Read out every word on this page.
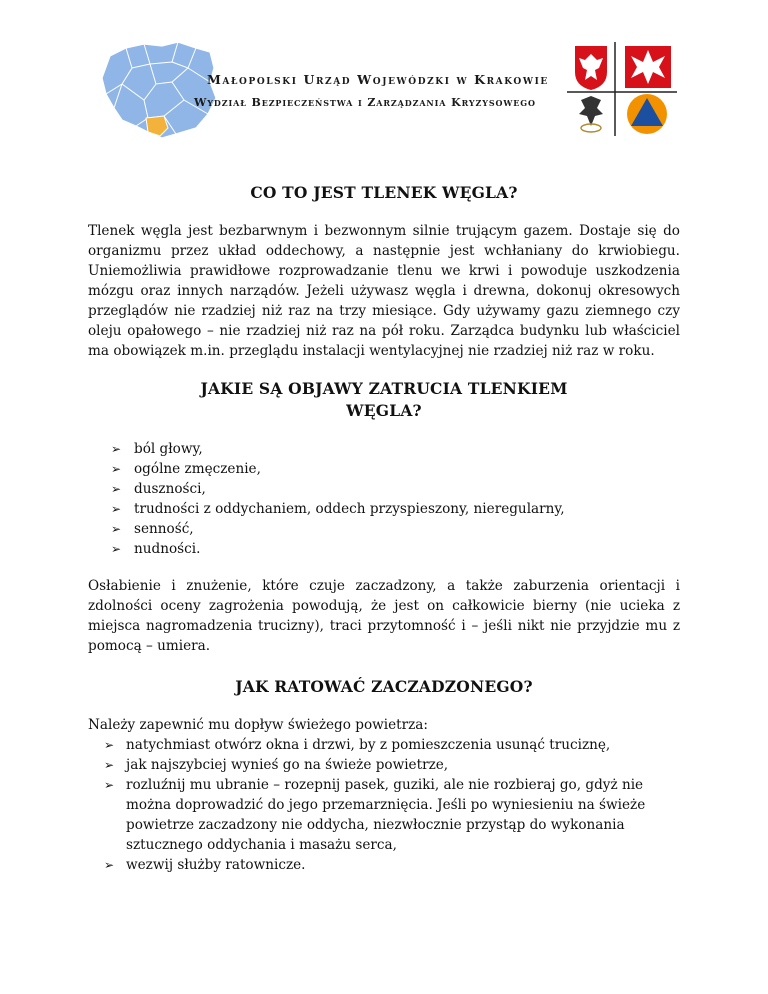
Małopolski Urząd Wojewódzki w Krakowie
Wydział Bezpieczeństwa i Zarządzania Kryzysowego
CO TO JEST TLENEK WĘGLA?

Tlenek węgla jest bezbarwnym i bezwonnym silnie trującym gazem. Dostaje się do organizmu przez układ oddechowy, a następnie jest wchłaniany do krwiobiegu. Uniemożliwia prawidłowe rozprowadzanie tlenu we krwi i powoduje uszkodzenia mózgu oraz innych narządów. Jeżeli używasz węgla i drewna, dokonuj okresowych przeglądów nie rzadziej niż raz na trzy miesiące. Gdy używamy gazu ziemnego czy oleju opałowego – nie rzadziej niż raz na pół roku. Zarządca budynku lub właściciel ma obowiązek m.in. przeglądu instalacji wentylacyjnej nie rzadziej niż raz w roku.

JAKIE SĄ OBJAWY ZATRUCIA TLENKIEM
WĘGLA?
➢ ból głowy,
➢ ogólne zmęczenie,
➢ duszności,
➢ trudności z oddychaniem, oddech przyspieszony, nieregularny,
➢ senność,
➢ nudności.

Osłabienie i znużenie, które czuje zaczadzony, a także zaburzenia orientacji i zdolności oceny zagrożenia powodują, że jest on całkowicie bierny (nie ucieka z miejsca nagromadzenia trucizny), traci przytomność i – jeśli nikt nie przyjdzie mu z pomocą – umiera.

JAK RATOWAĆ ZACZADZONEGO?

Należy zapewnić mu dopływ świeżego powietrza:

➢ natychmiast otwórz okna i drzwi, by z pomieszczenia usunąć truciznę,
➢ jak najszybciej wynieś go na świeże powietrze,
➢ rozluźnij mu ubranie – rozepnij pasek, guziki, ale nie rozbieraj go, gdyż nie można doprowadzić do jego przemarznięcia. Jeśli po wyniesieniu na świeże powietrze zaczadzony nie oddycha, niezwłocznie przystąp do wykonania sztucznego oddychania i masażu serca,
➢ wezwij służby ratownicze.
